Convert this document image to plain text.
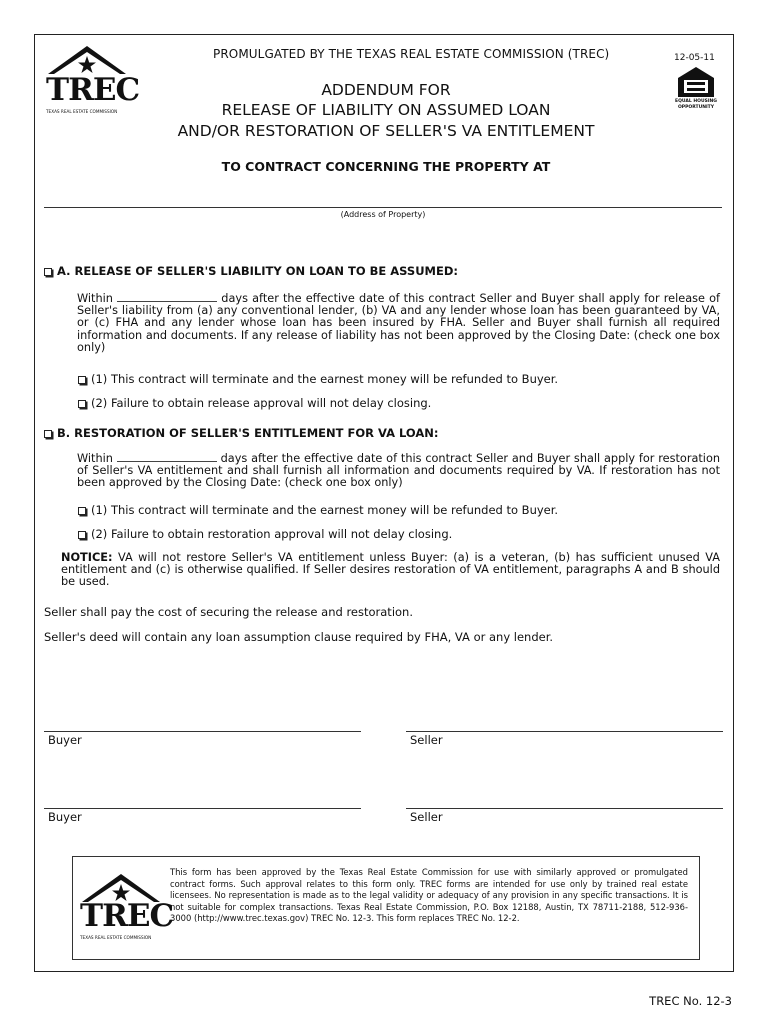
TREC
TEXAS REAL ESTATE COMMISSION
PROMULGATED BY THE TEXAS REAL ESTATE COMMISSION (TREC)	12-05-11
EQUAL HOUSING
OPPORTUNITY
ADDENDUM FOR
RELEASE OF LIABILITY ON ASSUMED LOAN
AND/OR RESTORATION OF SELLER'S VA ENTITLEMENT
TO CONTRACT CONCERNING THE PROPERTY AT
(Address of Property)
A. RELEASE OF SELLER'S LIABILITY ON LOAN TO BE ASSUMED:
Within	days after the effective date of this contract Seller and Buyer shall apply for release of Seller's liability from (a) any conventional lender, (b) VA and any lender whose loan has been guaranteed by VA, or (c) FHA and any lender whose loan has been insured by FHA. Seller and Buyer shall furnish all required information and documents. If any release of liability has not been approved by the Closing Date: (check one box only)
(1) This contract will terminate and the earnest money will be refunded to Buyer.
(2) Failure to obtain release approval will not delay closing.
B. RESTORATION OF SELLER'S ENTITLEMENT FOR VA LOAN:
Within	days after the effective date of this contract Seller and Buyer shall apply for restoration of Seller's VA entitlement and shall furnish all information and documents required by VA. If restoration has not been approved by the Closing Date: (check one box only)
(1) This contract will terminate and the earnest money will be refunded to Buyer.
(2) Failure to obtain restoration approval will not delay closing.
NOTICE: VA will not restore Seller's VA entitlement unless Buyer: (a) is a veteran, (b) has sufficient unused VA entitlement and (c) is otherwise qualified. If Seller desires restoration of VA entitlement, paragraphs A and B should be used.
Seller shall pay the cost of securing the release and restoration.
Seller's deed will contain any loan assumption clause required by FHA, VA or any lender.
Buyer	Seller
Buyer	Seller
TREC
TEXAS REAL ESTATE COMMISSION
This form has been approved by the Texas Real Estate Commission for use with similarly approved or promulgated contract forms. Such approval relates to this form only. TREC forms are intended for use only by trained real estate licensees. No representation is made as to the legal validity or adequacy of any provision in any specific transactions. It is not suitable for complex transactions. Texas Real Estate Commission, P.O. Box 12188, Austin, TX 78711-2188, 512-936-3000 (http://www.trec.texas.gov) TREC No. 12-3. This form replaces TREC No. 12-2.
TREC No. 12-3
